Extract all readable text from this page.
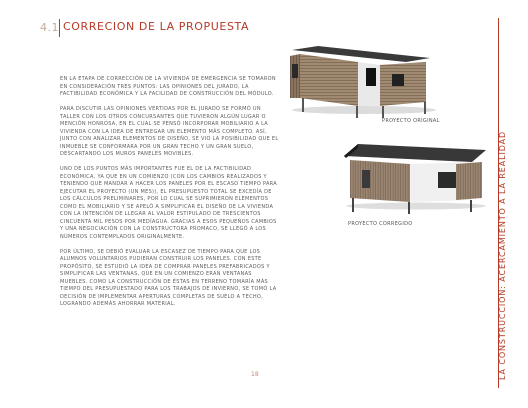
4.1 CORRECION DE LA PROPUESTA

EN LA ETAPA DE CORRECCIÓN DE LA VIVIENDA DE EMERGENCIA SE TOMARON EN CONSIDERACIÓN TRES PUNTOS: LAS OPINIONES DEL JURADO, LA FACTIBILIDAD ECONÓMICA Y LA FACILIDAD DE CONSTRUCCIÓN DEL MÓDULO.

PARA DISCUTIR LAS OPINIONES VERTIDAS POR EL JURADO SE FORMÓ UN TALLER CON LOS OTROS CONCURSANTES QUE TUVIERON ALGÚN LUGAR O MENCIÓN HONROSA, EN EL CUAL SE PENSÓ INCORPORAR MOBILIARIO A LA VIVIENDA CON LA IDEA DE ENTREGAR UN ELEMENTO MÁS COMPLETO. ASÍ, JUNTO CON ANALIZAR ELEMENTOS DE DISEÑO, SE VIO LA POSIBILIDAD QUE EL INMUEBLE SE CONFORMARA POR UN GRAN TECHO Y UN GRAN SUELO, DESCARTANDO LOS MUROS PANELES MOVIBLES.

UNO DE LOS PUNTOS MÁS IMPORTANTES FUE EL DE LA FACTIBILIDAD ECONÓMICA, YA QUE EN UN COMIENZO (CON LOS CAMBIOS REALIZADOS Y TENIENDO QUE MANDAR A HACER LOS PANELES POR EL ESCASO TIEMPO PARA EJECUTAR EL PROYECTO (UN MES)), EL PRESUPUESTO TOTAL SE EXCEDÍA DE LOS CÁLCULOS PRELIMINARES, POR LO CUAL SE SUPRIMIERON ELEMENTOS COMO EL MOBILIARIO Y SE APELÓ A SIMPLIFICAR EL DISEÑO DE LA VIVIENDA CON LA INTENCIÓN DE LLEGAR AL VALOR ESTIPULADO DE TRESCIENTOS CINCUENTA MIL PESOS POR MEDÍAGUA. GRACIAS A ESOS PEQUEÑOS CAMBIOS Y UNA NEGOCIACIÓN CON LA CONSTRUCTORA PROMACO, SE LLEGÓ A LOS NÚMEROS CONTEMPLADOS ORIGINALMENTE.

POR ÚLTIMO, SE DEBIÓ EVALUAR LA ESCASEZ DE TIEMPO PARA QUE LOS ALUMNOS VOLUNTARIOS PUDIERAN CONSTRUIR LOS PANELES. CON ESTE PROPÓSITO, SE ESTUDIÓ LA IDEA DE COMPRAR PANELES PREFABRICADOS Y SIMPLIFICAR LAS VENTANAS, QUE EN UN COMIENZO ERAN VENTANAS MUEBLES. COMO LA CONSTRUCCIÓN DE ÉSTAS EN TERRENO TOMARÍA MÁS TIEMPO DEL PRESUPUESTADO PARA LOS TRABAJOS DE INVIERNO, SE TOMÓ LA DECISIÓN DE IMPLEMENTAR APERTURAS COMPLETAS DE SUELO A TECHO, LOGRANDO ADEMÁS AHORRAR MATERIAL.

PROYECTO ORIGINAL
PROYECTO CORREGIDO	LA CONSTRUCCION: ACERCAMIENTO A LA REALIDAD
18
